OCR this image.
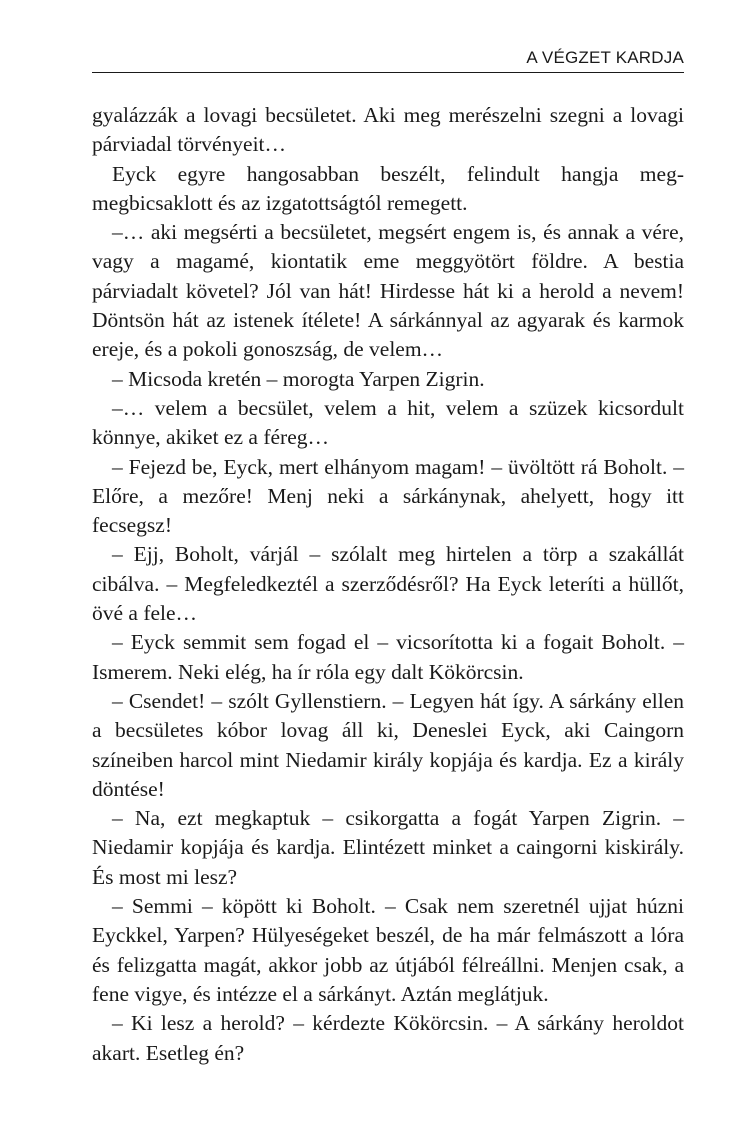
A VÉGZET KARDJA

gyalázzák a lovagi becsületet. Aki meg merészelni szegni a lovagi párviadal törvényeit…

Eyck egyre hangosabban beszélt, felindult hangja meg-megbicsaklott és az izgatottságtól remegett.

–… aki megsérti a becsületet, megsért engem is, és annak a vére, vagy a magamé, kiontatik eme meggyötört földre. A bestia párviadalt követel? Jól van hát! Hirdesse hát ki a herold a nevem! Döntsön hát az istenek ítélete! A sárkánnyal az agyarak és karmok ereje, és a pokoli gonoszság, de velem…

– Micsoda kretén – morogta Yarpen Zigrin.

–… velem a becsület, velem a hit, velem a szüzek kicsordult könnye, akiket ez a féreg…

– Fejezd be, Eyck, mert elhányom magam! – üvöltött rá Boholt. – Előre, a mezőre! Menj neki a sárkánynak, ahelyett, hogy itt fecsegsz!

– Ejj, Boholt, várjál – szólalt meg hirtelen a törp a szakállát cibálva. – Megfeledkeztél a szerződésről? Ha Eyck leteríti a hüllőt, övé a fele…

– Eyck semmit sem fogad el – vicsorította ki a fogait Boholt. – Ismerem. Neki elég, ha ír róla egy dalt Kökörcsin.

– Csendet! – szólt Gyllenstiern. – Legyen hát így. A sárkány ellen a becsületes kóbor lovag áll ki, Deneslei Eyck, aki Caingorn színeiben harcol mint Niedamir király kopjája és kardja. Ez a király döntése!

– Na, ezt megkaptuk – csikorgatta a fogát Yarpen Zigrin. – Niedamir kopjája és kardja. Elintézett minket a caingorni kiskirály. És most mi lesz?

– Semmi – köpött ki Boholt. – Csak nem szeretnél ujjat húzni Eyckkel, Yarpen? Hülyeségeket beszél, de ha már felmászott a lóra és felizgatta magát, akkor jobb az útjából félreállni. Menjen csak, a fene vigye, és intézze el a sárkányt. Aztán meglátjuk.

– Ki lesz a herold? – kérdezte Kökörcsin. – A sárkány heroldot akart. Esetleg én?
